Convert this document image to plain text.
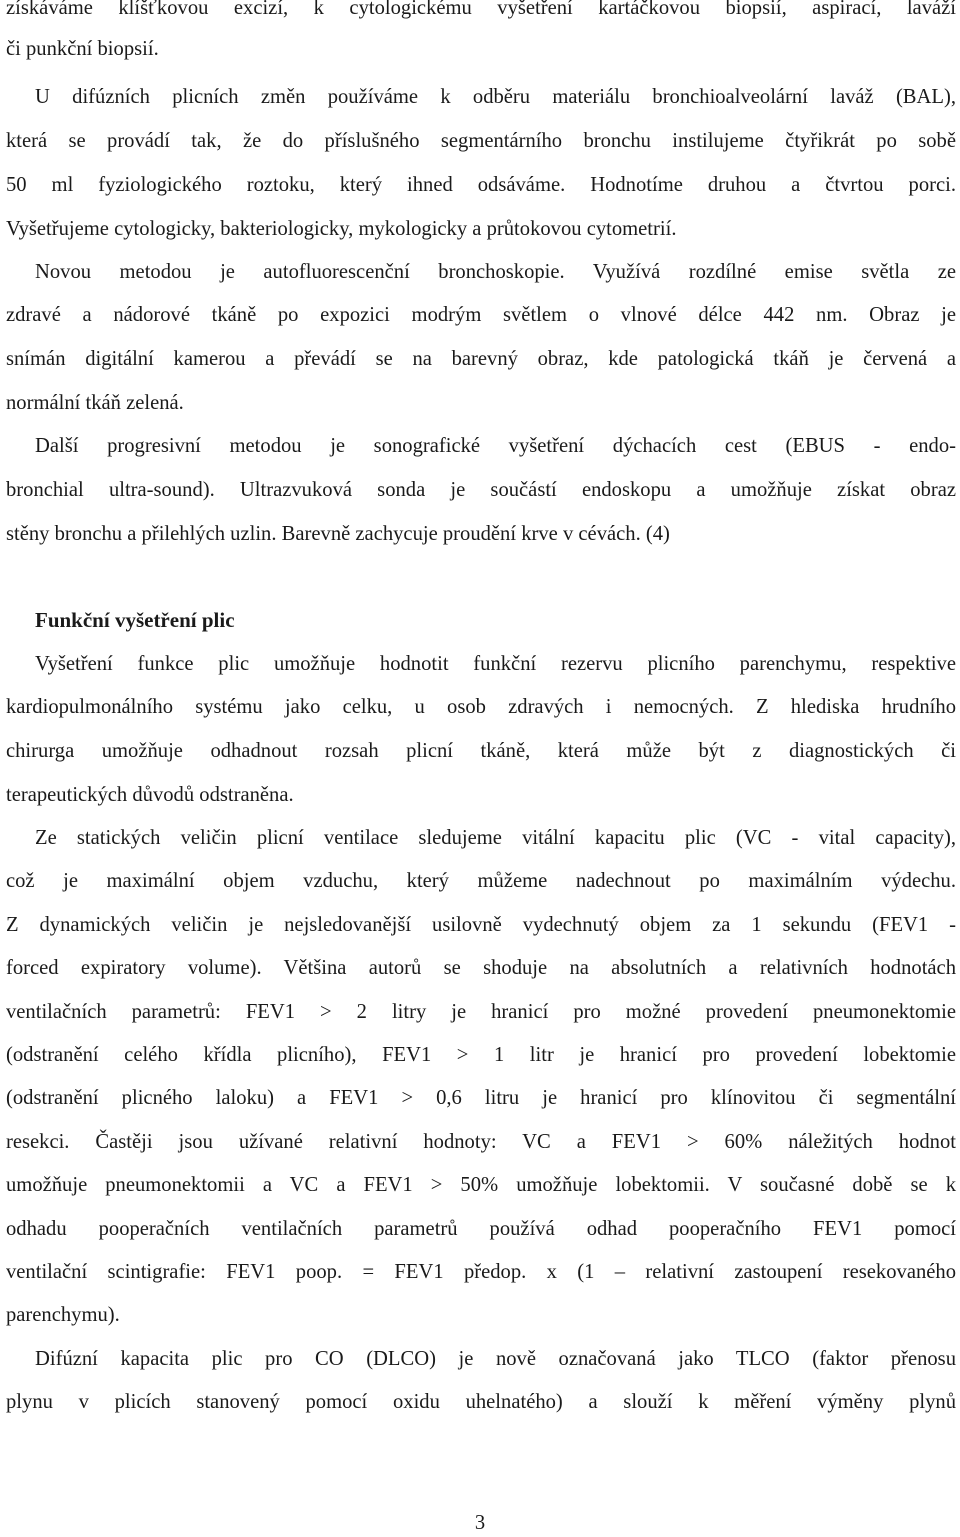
získáváme klíšťkovou excizí, k cytologickému vyšetření kartáčkovou biopsií, aspirací, laváží
či punkční biopsií.
U difúzních plicních změn používáme k odběru materiálu bronchioalveolární laváž (BAL),
která se provádí tak, že do příslušného segmentárního bronchu instilujeme čtyřikrát po sobě
50 ml fyziologického roztoku, který ihned odsáváme. Hodnotíme druhou a čtvrtou porci.
Vyšetřujeme cytologicky, bakteriologicky, mykologicky a průtokovou cytometrií.
Novou metodou je autofluorescenční bronchoskopie. Využívá rozdílné emise světla ze
zdravé a nádorové tkáně po expozici modrým světlem o vlnové délce 442 nm. Obraz je
snímán digitální kamerou a převádí se na barevný obraz, kde patologická tkáň je červená a
normální tkáň zelená.
Další progresivní metodou je sonografické vyšetření dýchacích cest (EBUS - endo-
bronchial ultra-sound). Ultrazvuková sonda je součástí endoskopu a umožňuje získat obraz
stěny bronchu a přilehlých uzlin. Barevně zachycuje proudění krve v cévách. (4)
Funkční vyšetření plic
Vyšetření funkce plic umožňuje hodnotit funkční rezervu plicního parenchymu, respektive
kardiopulmonálního systému jako celku, u osob zdravých i nemocných. Z hlediska hrudního
chirurga umožňuje odhadnout rozsah plicní tkáně, která může být z diagnostických či
terapeutických důvodů odstraněna.
Ze statických veličin plicní ventilace sledujeme vitální kapacitu plic (VC - vital capacity),
což je maximální objem vzduchu, který můžeme nadechnout po maximálním výdechu.
Z dynamických veličin je nejsledovanější usilovně vydechnutý objem za 1 sekundu (FEV1 -
forced expiratory volume). Většina autorů se shoduje na absolutních a relativních hodnotách
ventilačních parametrů: FEV1 > 2 litry je hranicí pro možné provedení pneumonektomie
(odstranění celého křídla plicního), FEV1 > 1 litr je hranicí pro provedení lobektomie
(odstranění plicného laloku) a FEV1 > 0,6 litru je hranicí pro klínovitou či segmentální
resekci. Častěji jsou užívané relativní hodnoty: VC a FEV1 > 60% náležitých hodnot
umožňuje pneumonektomii a VC a FEV1 > 50% umožňuje lobektomii. V současné době se k
odhadu pooperačních ventilačních parametrů používá odhad pooperačního FEV1 pomocí
ventilační scintigrafie: FEV1 poop. = FEV1 předop. x (1 – relativní zastoupení resekovaného
parenchymu).
Difúzní kapacita plic pro CO (DLCO) je nově označovaná jako TLCO (faktor přenosu
plynu v plicích stanovený pomocí oxidu uhelnatého) a slouží k měření výměny plynů
3
